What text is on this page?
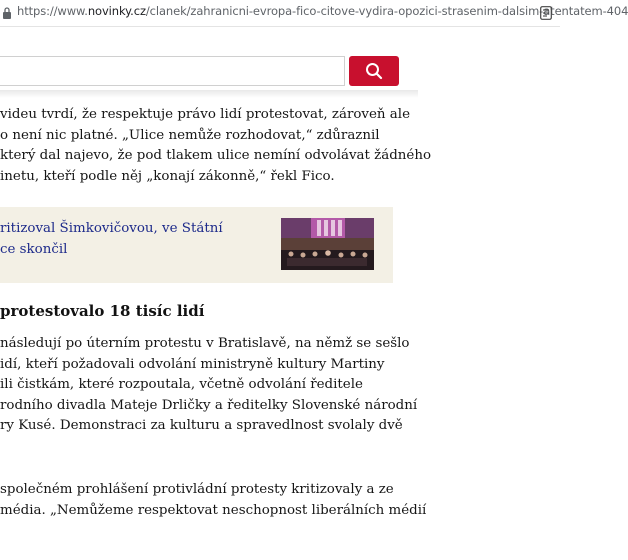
https://www.novinky.cz/clanek/zahranicni-evropa-fico-citove-vydira-opozici-strasenim-dalsim-atentatem-404

videu tvrdí, že respektuje právo lidí protestovat, zároveň ale
o není nic platné. „Ulice nemůže rozhodovat,“ zdůraznil
který dal najevo, že pod tlakem ulice nemíní odvolávat žádného
inetu, kteří podle něj „konají zákonně,“ řekl Fico.

ritizoval Šimkovičovou, ve Státní
ce skončil
protestovalo 18 tisíc lidí

následují po úterním protestu v Bratislavě, na němž se sešlo
idí, kteří požadovali odvolání ministryně kultury Martiny
ili čistkám, které rozpoutala, včetně odvolání ředitele
rodního divadla Mateje Drličky a ředitelky Slovenské národní
ry Kusé. Demonstraci za kulturu a spravedlnost svolaly dvě

společném prohlášení protivládní protesty kritizovaly a ze
média. „Nemůžeme respektovat neschopnost liberálních médií
